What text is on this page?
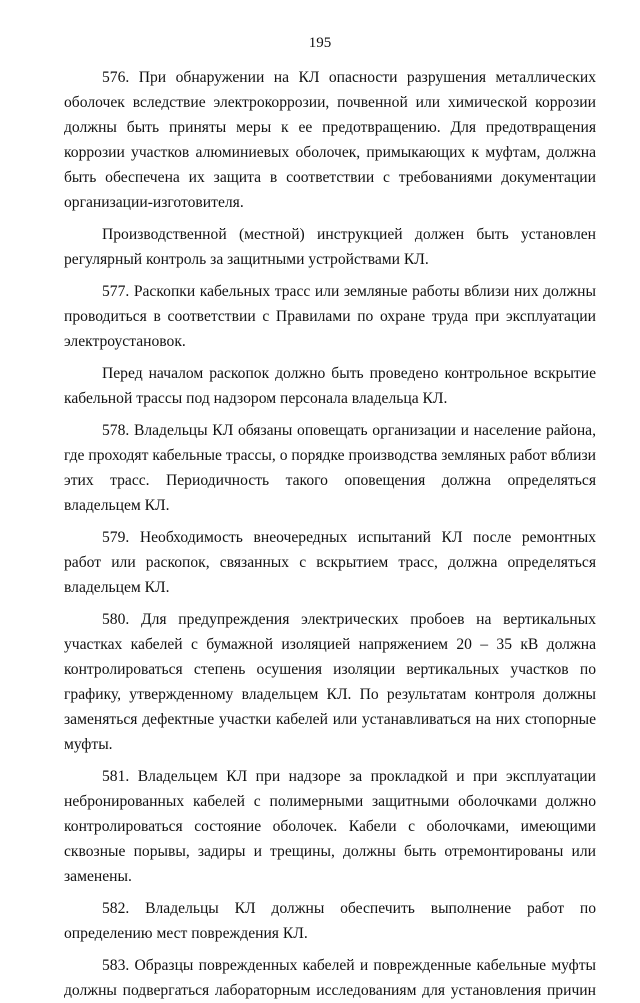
195

576. При обнаружении на КЛ опасности разрушения металлических оболочек вследствие электрокоррозии, почвенной или химической коррозии должны быть приняты меры к ее предотвращению. Для предотвращения коррозии участков алюминиевых оболочек, примыкающих к муфтам, должна быть обеспечена их защита в соответствии с требованиями документации организации-изготовителя.

Производственной (местной) инструкцией должен быть установлен регулярный контроль за защитными устройствами КЛ.

577. Раскопки кабельных трасс или земляные работы вблизи них должны проводиться в соответствии с Правилами по охране труда при эксплуатации электроустановок.

Перед началом раскопок должно быть проведено контрольное вскрытие кабельной трассы под надзором персонала владельца КЛ.

578. Владельцы КЛ обязаны оповещать организации и население района, где проходят кабельные трассы, о порядке производства земляных работ вблизи этих трасс. Периодичность такого оповещения должна определяться владельцем КЛ.

579. Необходимость внеочередных испытаний КЛ после ремонтных работ или раскопок, связанных с вскрытием трасс, должна определяться владельцем КЛ.

580. Для предупреждения электрических пробоев на вертикальных участках кабелей с бумажной изоляцией напряжением 20 – 35 кВ должна контролироваться степень осушения изоляции вертикальных участков по графику, утвержденному владельцем КЛ. По результатам контроля должны заменяться дефектные участки кабелей или устанавливаться на них стопорные муфты.

581. Владельцем КЛ при надзоре за прокладкой и при эксплуатации небронированных кабелей с полимерными защитными оболочками должно контролироваться состояние оболочек. Кабели с оболочками, имеющими сквозные порывы, задиры и трещины, должны быть отремонтированы или заменены.

582. Владельцы КЛ должны обеспечить выполнение работ по определению мест повреждения КЛ.

583. Образцы поврежденных кабелей и поврежденные кабельные муфты должны подвергаться лабораторным исследованиям для установления причин
